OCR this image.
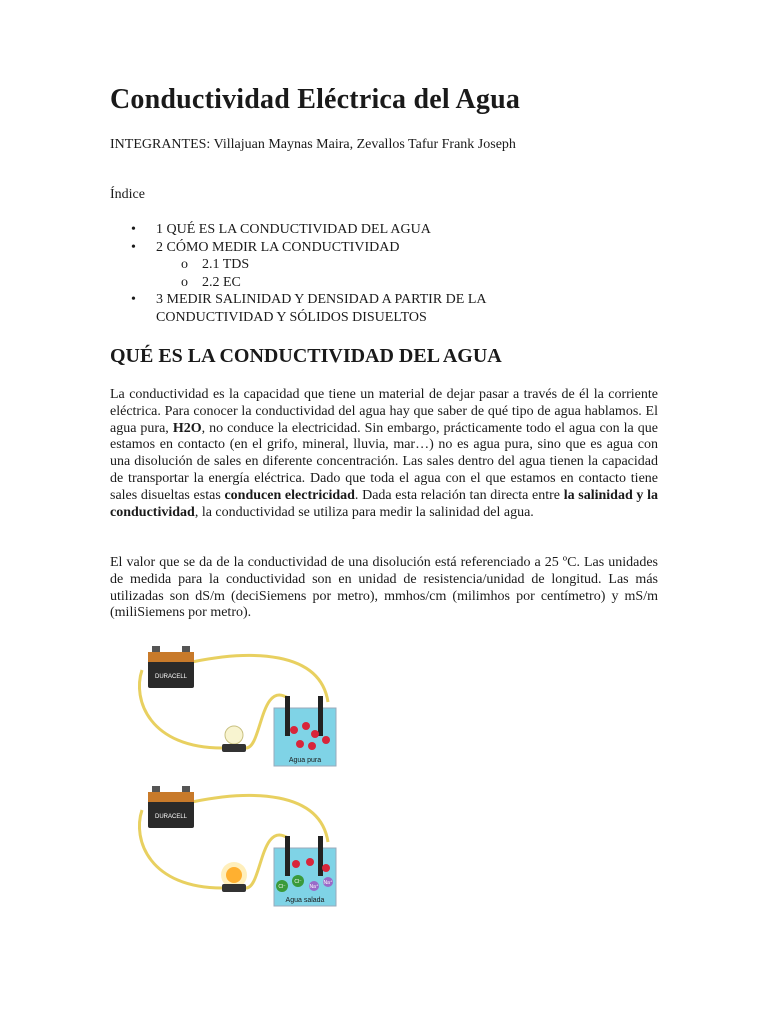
Conductividad Eléctrica del Agua
INTEGRANTES: Villajuan Maynas Maira, Zevallos Tafur Frank Joseph
Índice
• 1 QUÉ ES LA CONDUCTIVIDAD DEL AGUA
• 2 CÓMO MEDIR LA CONDUCTIVIDAD
o 2.1 TDS
o 2.2 EC
• 3 MEDIR SALINIDAD Y DENSIDAD A PARTIR DE LA CONDUCTIVIDAD Y SÓLIDOS DISUELTOS
QUÉ ES LA CONDUCTIVIDAD DEL AGUA

La conductividad es la capacidad que tiene un material de dejar pasar a través de él la corriente eléctrica. Para conocer la conductividad del agua hay que saber de qué tipo de agua hablamos. El agua pura, H2O, no conduce la electricidad. Sin embargo, prácticamente todo el agua con la que estamos en contacto (en el grifo, mineral, lluvia, mar…) no es agua pura, sino que es agua con una disolución de sales en diferente concentración. Las sales dentro del agua tienen la capacidad de transportar la energía eléctrica. Dado que toda el agua con el que estamos en contacto tiene sales disueltas estas conducen electricidad. Dada esta relación tan directa entre la salinidad y la conductividad, la conductividad se utiliza para medir la salinidad del agua.

El valor que se da de la conductividad de una disolución está referenciado a 25 ºC. Las unidades de medida para la conductividad son en unidad de resistencia/unidad de longitud. Las más utilizadas son dS/m (deciSiemens por metro), mmhos/cm (milimhos por centímetro) y mS/m (miliSiemens por metro).

DURACELL
Agua pura
DURACELL
Cl⁻
Cl⁻
Na⁺
Na⁺
Agua salada
